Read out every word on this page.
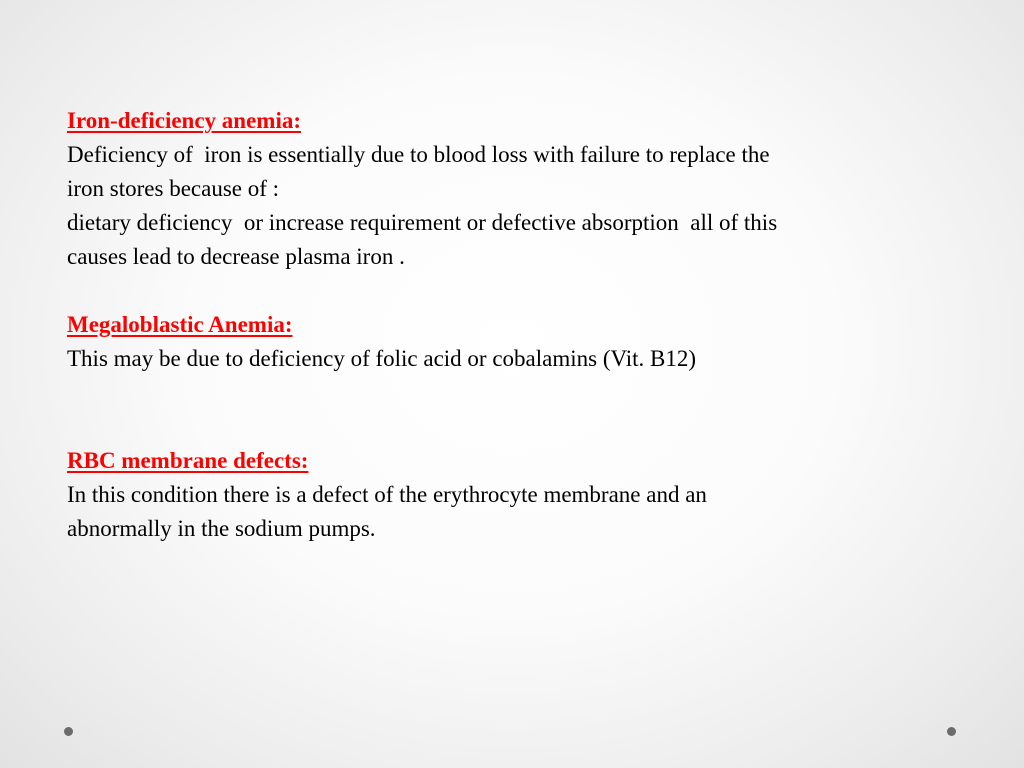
Iron-deficiency anemia:
Deficiency of  iron is essentially due to blood loss with failure to replace the
iron stores because of :
dietary deficiency  or increase requirement or defective absorption  all of this
causes lead to decrease plasma iron .
Megaloblastic Anemia:
This may be due to deficiency of folic acid or cobalamins (Vit. B12)
RBC membrane defects:
In this condition there is a defect of the erythrocyte membrane and an
abnormally in the sodium pumps.
